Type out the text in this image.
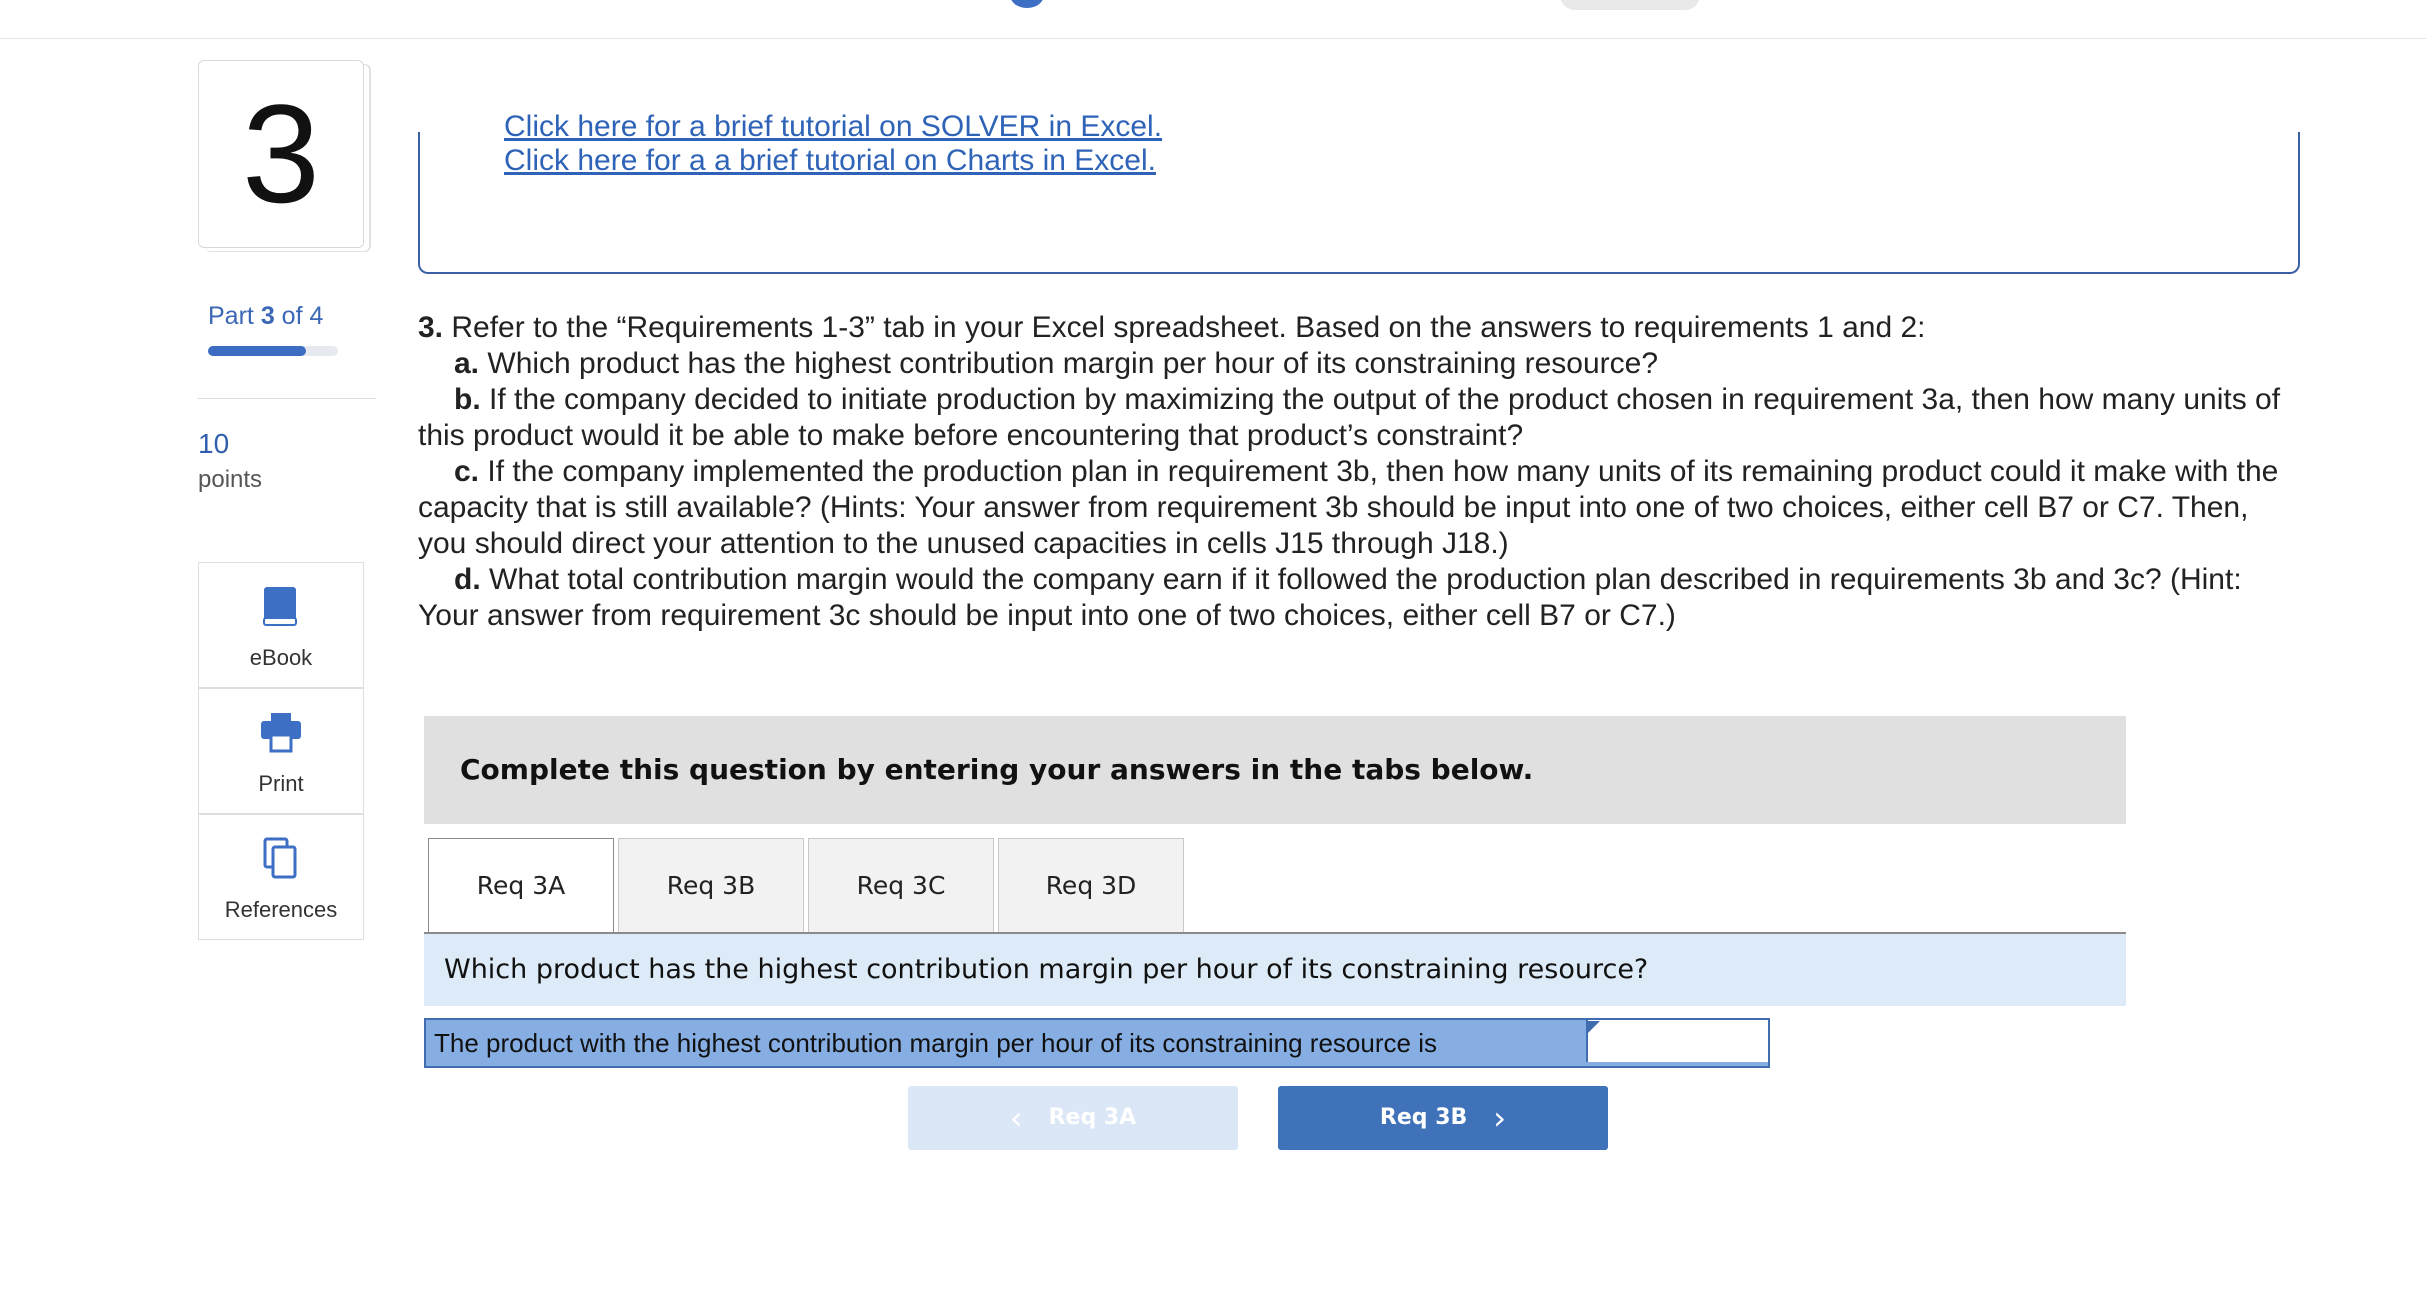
3
Part 3 of 4
10
points
eBook
Print
References
Click here for a brief tutorial on SOLVER in Excel.
Click here for a a brief tutorial on Charts in Excel.

3. Refer to the “Requirements 1-3” tab in your Excel spreadsheet. Based on the answers to requirements 1 and 2:

a. Which product has the highest contribution margin per hour of its constraining resource?

b. If the company decided to initiate production by maximizing the output of the product chosen in requirement 3a, then how many units of this product would it be able to make before encountering that product’s constraint?

c. If the company implemented the production plan in requirement 3b, then how many units of its remaining product could it make with the capacity that is still available? (Hints: Your answer from requirement 3b should be input into one of two choices, either cell B7 or C7. Then, you should direct your attention to the unused capacities in cells J15 through J18.)

d. What total contribution margin would the company earn if it followed the production plan described in requirements 3b and 3c? (Hint: Your answer from requirement 3c should be input into one of two choices, either cell B7 or C7.)

Complete this question by entering your answers in the tabs below.
Req 3A	Req 3B	Req 3C	Req 3D
Which product has the highest contribution margin per hour of its constraining resource?
The product with the highest contribution margin per hour of its constraining resource is
‹ Req 3A	Req 3B ›
